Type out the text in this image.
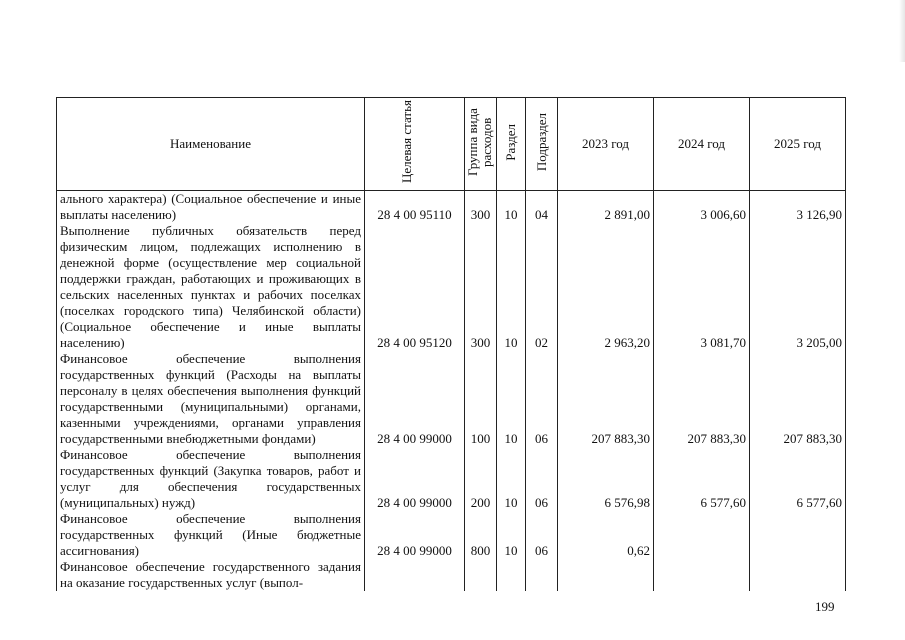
Наименование	Целевая статья	Группа вида расходов	Раздел	Подраздел	2023 год	2024 год	2025 год
ального характера) (Социальное обеспечение и иные выплаты населению)	28 4 00 95110	300	10	04	2 891,00	3 006,60	3 126,90
Выполнение публичных обязательств перед физическим лицом, подлежащих исполнению в денежной форме (осуществление мер социальной поддержки граждан, работающих и проживающих в сельских населенных пунктах и рабочих поселках (поселках городского типа) Челябинской области) (Социальное обеспечение и иные выплаты населению)	28 4 00 95120	300	10	02	2 963,20	3 081,70	3 205,00
Финансовое обеспечение выполнения государственных функций (Расходы на выплаты персоналу в целях обеспечения выполнения функций государственными (муниципальными) органами, казенными учреждениями, органами управления государственными внебюджетными фондами)	28 4 00 99000	100	10	06	207 883,30	207 883,30	207 883,30
Финансовое обеспечение выполнения государственных функций (Закупка товаров, работ и услуг для обеспечения государственных (муниципальных) нужд)	28 4 00 99000	200	10	06	6 576,98	6 577,60	6 577,60
Финансовое обеспечение выполнения государственных функций (Иные бюджетные ассигнования)	28 4 00 99000	800	10	06	0,62		
Финансовое обеспечение государственного задания на оказание государственных услуг (выпол-							
199
